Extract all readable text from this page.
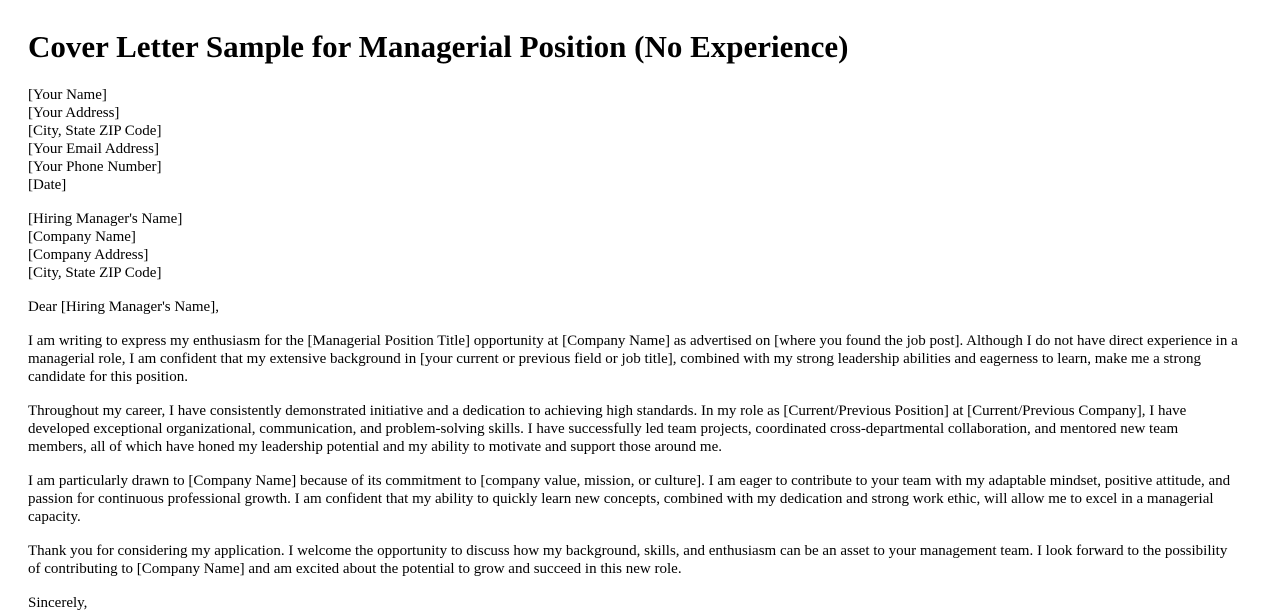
Cover Letter Sample for Managerial Position (No Experience)
[Your Name]
[Your Address]
[City, State ZIP Code]
[Your Email Address]
[Your Phone Number]
[Date]
[Hiring Manager's Name]
[Company Name]
[Company Address]
[City, State ZIP Code]

Dear [Hiring Manager's Name],

I am writing to express my enthusiasm for the [Managerial Position Title] opportunity at [Company Name] as advertised on [where you found the job post]. Although I do not have direct experience in a managerial role, I am confident that my extensive background in [your current or previous field or job title], combined with my strong leadership abilities and eagerness to learn, make me a strong candidate for this position.

Throughout my career, I have consistently demonstrated initiative and a dedication to achieving high standards. In my role as [Current/Previous Position] at [Current/Previous Company], I have developed exceptional organizational, communication, and problem-solving skills. I have successfully led team projects, coordinated cross-departmental collaboration, and mentored new team members, all of which have honed my leadership potential and my ability to motivate and support those around me.

I am particularly drawn to [Company Name] because of its commitment to [company value, mission, or culture]. I am eager to contribute to your team with my adaptable mindset, positive attitude, and passion for continuous professional growth. I am confident that my ability to quickly learn new concepts, combined with my dedication and strong work ethic, will allow me to excel in a managerial capacity.

Thank you for considering my application. I welcome the opportunity to discuss how my background, skills, and enthusiasm can be an asset to your management team. I look forward to the possibility of contributing to [Company Name] and am excited about the potential to grow and succeed in this new role.

Sincerely,
